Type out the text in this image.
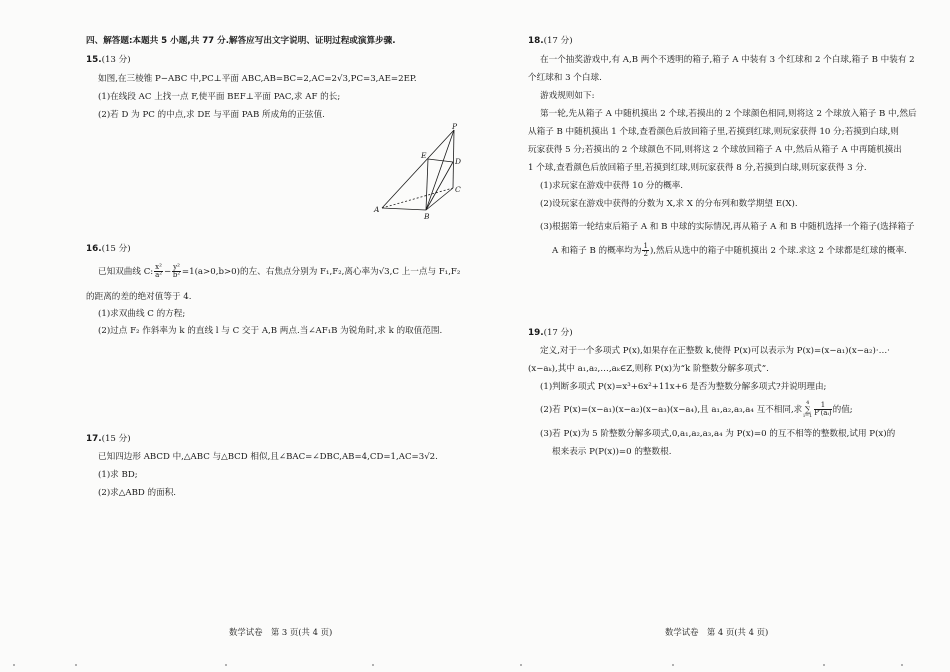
四、解答题:本题共 5 小题,共 77 分.解答应写出文字说明、证明过程或演算步骤.
15.(13 分)
如图,在三棱锥 P−ABC 中,PC⊥平面 ABC,AB=BC=2,AC=2√3,PC=3,AE=2EP.
(1)在线段 AC 上找一点 F,使平面 BEF⊥平面 PAC,求 AF 的长;
(2)若 D 为 PC 的中点,求 DE 与平面 PAB 所成角的正弦值.
P
E
D
C
A
B
16.(15 分)
已知双曲线 C: $\frac{\text{x²}}{\text{a²}} - \frac{\text{y²}}{\text{b²}} =1(a>0,b>0)$的左、右焦点分别为 F₁,F₂,离心率为√3,C 上一点与 F₁,F₂
的距离的差的绝对值等于 4.
(1)求双曲线 C 的方程;
(2)过点 F₂ 作斜率为 k 的直线 l 与 C 交于 A,B 两点.当∠AF₁B 为锐角时,求 k 的取值范围.
17.(15 分)
已知四边形 ABCD 中,△ABC 与△BCD 相似,且∠BAC=∠DBC,AB=4,CD=1,AC=3√2.
(1)求 BD;
(2)求△ABD 的面积.
数学试卷　第 3 页(共 4 页)
18.(17 分)
在一个抽奖游戏中,有 A,B 两个不透明的箱子,箱子 A 中装有 3 个红球和 2 个白球,箱子 B 中装有 2
个红球和 3 个白球.
游戏规则如下:
第一轮,先从箱子 A 中随机摸出 2 个球,若摸出的 2 个球颜色相同,则将这 2 个球放入箱子 B 中,然后
从箱子 B 中随机摸出 1 个球,查看颜色后放回箱子里,若摸到红球,则玩家获得 10 分;若摸到白球,则
玩家获得 5 分;若摸出的 2 个球颜色不同,则将这 2 个球放回箱子 A 中,然后从箱子 A 中再随机摸出
1 个球,查看颜色后放回箱子里,若摸到红球,则玩家获得 8 分,若摸到白球,则玩家获得 3 分.
(1)求玩家在游戏中获得 10 分的概率.
(2)设玩家在游戏中获得的分数为 X,求 X 的分布列和数学期望 E(X).
(3)根据第一轮结束后箱子 A 和 B 中球的实际情况,再从箱子 A 和 B 中随机选择一个箱子(选择箱子
A 和箱子 B 的概率均为 $\frac{1}{2}$ ),然后从选中的箱子中随机摸出 2 个球.求这 2 个球都是红球的概率.
19.(17 分)
定义,对于一个多项式 P(x),如果存在正整数 k,使得 P(x)可以表示为 P(x)=(x−a₁)(x−a₂)·…·
(x−aₖ),其中 a₁,a₂,…,aₖ∈Z,则称 P(x)为“k 阶整数分解多项式”.
(1)判断多项式 P(x)=x³+6x²+11x+6 是否为整数分解多项式?并说明理由;
(2)若 P(x)=(x−a₁)(x−a₂)(x−a₃)(x−a₄),且 a₁,a₂,a₃,a₄ 互不相同,求
4
∑
$i=1 \frac{1}{\text{P′(aᵢ)}}$ 的值;
(3)若 P(x)为 5 阶整数分解多项式,0,a₁,a₂,a₃,a₄ 为 P(x)=0 的互不相等的整数根,试用 P(x)的
根来表示 P(P(x))=0 的整数根.
数学试卷　第 4 页(共 4 页)
